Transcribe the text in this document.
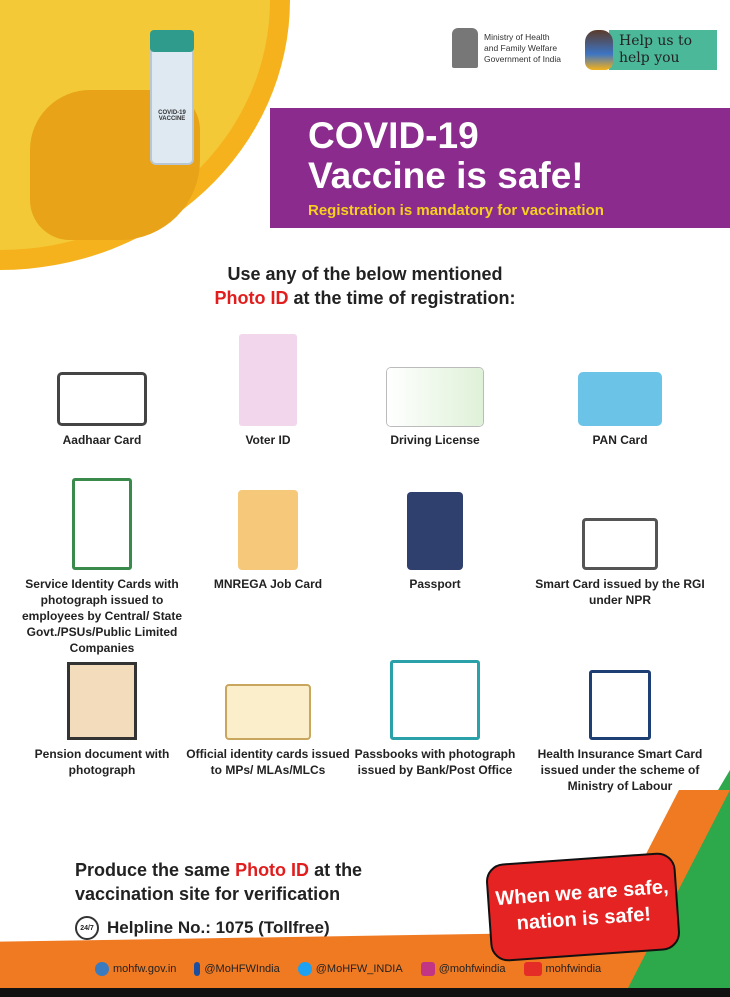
COVID-19 VACCINE
Ministry of Health
and Family Welfare
Government of India
Help us to
help you
COVID-19
Vaccine is safe!
Registration is mandatory for vaccination
Use any of the below mentioned
Photo ID at the time of registration:
Aadhaar Card	Voter ID	Driving License	PAN Card
Service Identity Cards with photograph issued to employees by Central/ State Govt./PSUs/Public Limited Companies
MNREGA Job Card	Passport	Smart Card issued by the RGI under NPR
Pension document with photograph
Official identity cards issued to MPs/ MLAs/MLCs
Passbooks with photograph issued by Bank/Post Office
Health Insurance Smart Card issued under the scheme of Ministry of Labour
Produce the same Photo ID at the
vaccination site for verification
24/7 Helpline No.: 1075 (Tollfree)
When we are safe,
nation is safe!
mohfw.gov.in	@MoHFWIndia	@MoHFW_INDIA	@mohfwindia	mohfwindia
